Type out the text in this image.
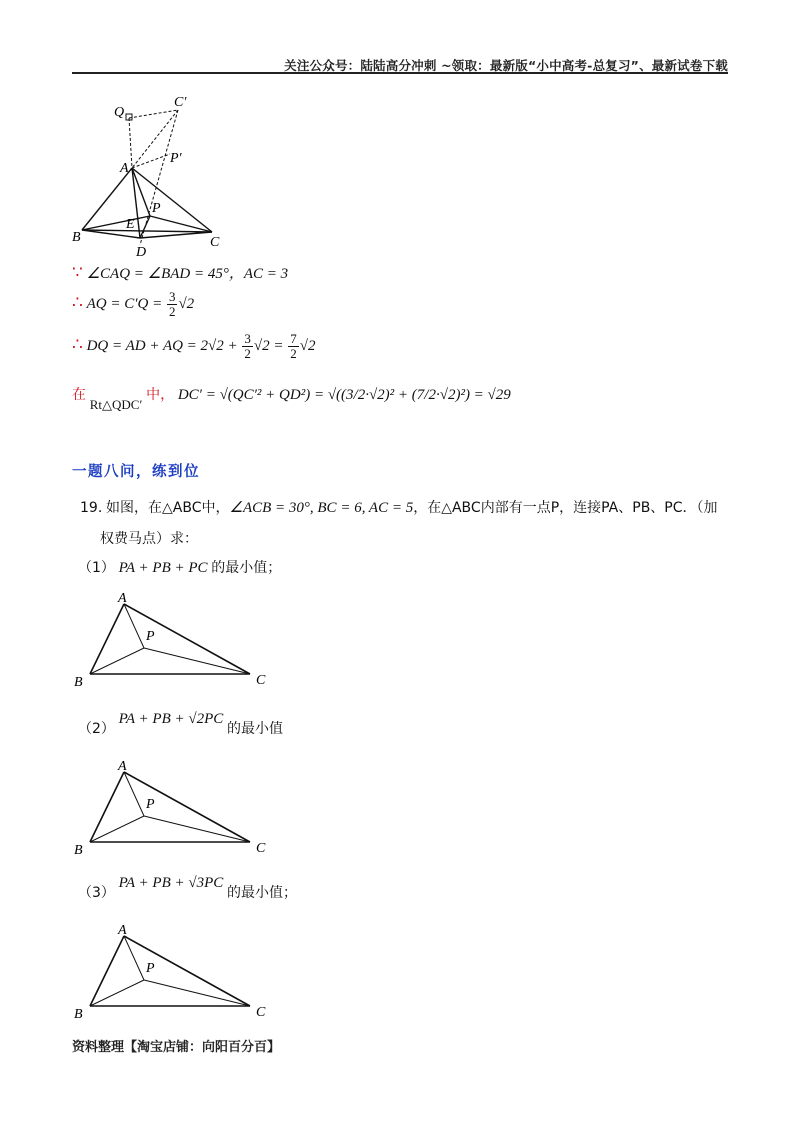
关注公众号：陆陆高分冲刺 ~领取：最新版“小中高考-总复习”、最新试卷下载
Q
C′
A
P′
P
E
B
D
C
∵ ∠CAQ = ∠BAD = 45°，AC = 3
∴ AQ = $C'Q = \frac{3}{2} √2$
∴ DQ = AD + AQ = $2√2 + \frac{3}{2} √2 = \frac{7}{2} √2$
在 Rt△QDC′ 中， DC′ = √(QC′² + QD²) = √((3/2·√2)² + (7/2·√2)²) = √29
一题八问，练到位
19. 如图，在△ABC中，∠ACB = 30°, BC = 6, AC = 5，在△ABC内部有一点P，连接PA、PB、PC．（加
权费马点）求：
（1） PA + PB + PC 的最小值；
A
P
B	C
（2） PA + PB + √2PC 的最小值
A
P
B	C
（3） PA + PB + √3PC 的最小值；
A
P
B	C
资料整理【淘宝店铺：向阳百分百】
